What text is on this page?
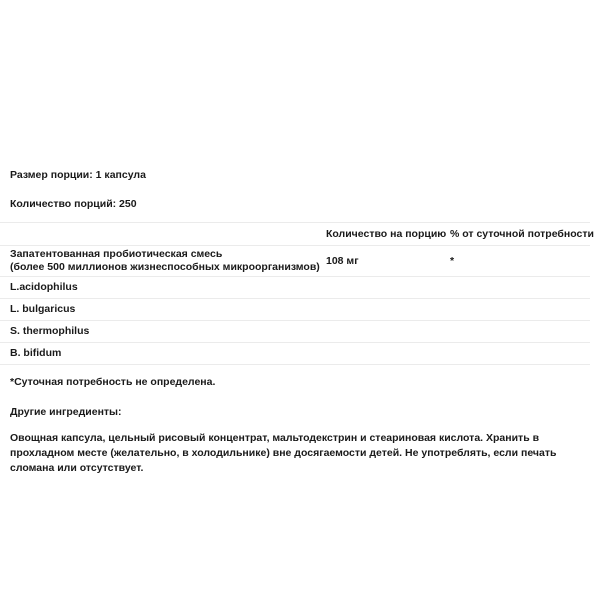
Размер порции: 1 капсула
Количество порций: 250
	Количество на порцию	% от суточной потребности

Запатентованная пробиотическая смесь
(более 500 миллионов жизнеспособных микроорганизмов)	108 мг	*
L.acidophilus		
L. bulgaricus		
S. thermophilus		
B. bifidum		
*Суточная потребность не определена.
Другие ингредиенты:
Овощная капсула, цельный рисовый концентрат, мальтодекстрин и стеариновая кислота. Хранить в прохладном месте (желательно, в холодильнике) вне досягаемости детей. Не употреблять, если печать сломана или отсутствует.
